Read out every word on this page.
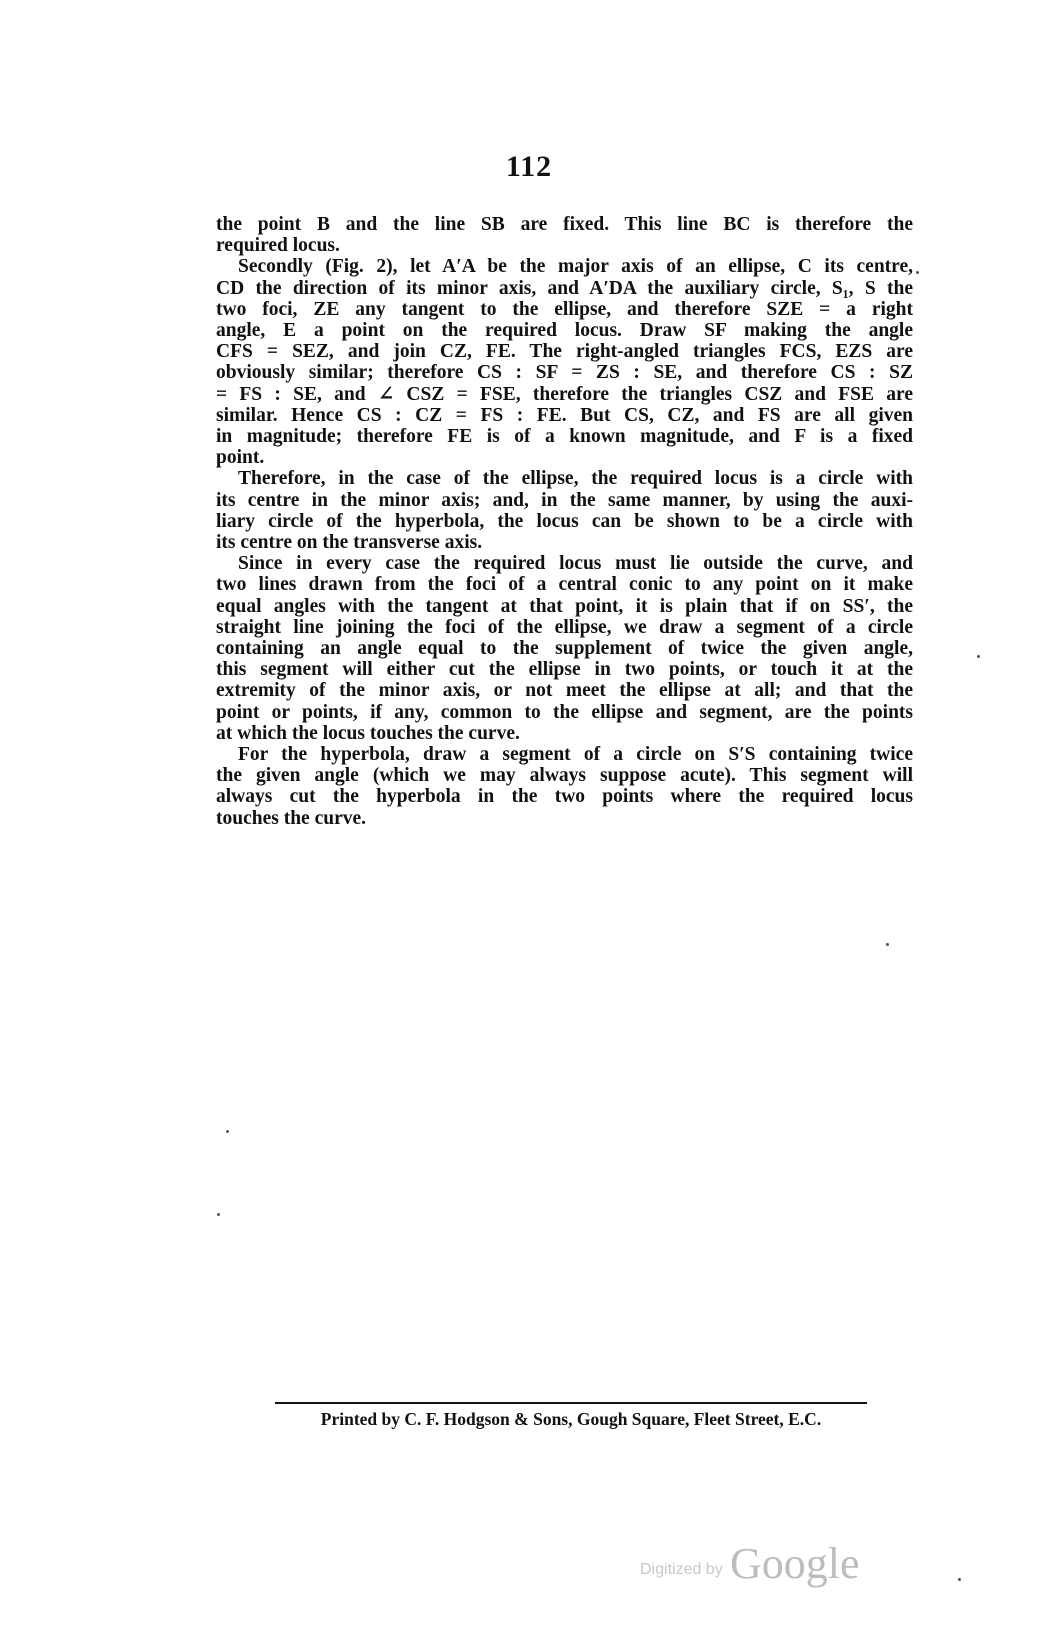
112
the point B and the line SB are fixed. This line BC is therefore the
required locus.
Secondly (Fig. 2), let A′A be the major axis of an ellipse, C its centre,
CD the direction of its minor axis, and A′DA the auxiliary circle, S₁, S the
two foci, ZE any tangent to the ellipse, and therefore SZE = a right
angle, E a point on the required locus. Draw SF making the angle
CFS = SEZ, and join CZ, FE. The right-angled triangles FCS, EZS are
obviously similar; therefore CS : SF = ZS : SE, and therefore CS : SZ
= FS : SE, and ∠ CSZ = FSE, therefore the triangles CSZ and FSE are
similar. Hence CS : CZ = FS : FE. But CS, CZ, and FS are all given
in magnitude; therefore FE is of a known magnitude, and F is a fixed
point.
Therefore, in the case of the ellipse, the required locus is a circle with
its centre in the minor axis; and, in the same manner, by using the auxi-
liary circle of the hyperbola, the locus can be shown to be a circle with
its centre on the transverse axis.
Since in every case the required locus must lie outside the curve, and
two lines drawn from the foci of a central conic to any point on it make
equal angles with the tangent at that point, it is plain that if on SS′, the
straight line joining the foci of the ellipse, we draw a segment of a circle
containing an angle equal to the supplement of twice the given angle,
this segment will either cut the ellipse in two points, or touch it at the
extremity of the minor axis, or not meet the ellipse at all; and that the
point or points, if any, common to the ellipse and segment, are the points
at which the locus touches the curve.
For the hyperbola, draw a segment of a circle on S′S containing twice
the given angle (which we may always suppose acute). This segment will
always cut the hyperbola in the two points where the required locus
touches the curve.
Printed by C. F. Hodgson & Sons, Gough Square, Fleet Street, E.C.
Digitized by Google
